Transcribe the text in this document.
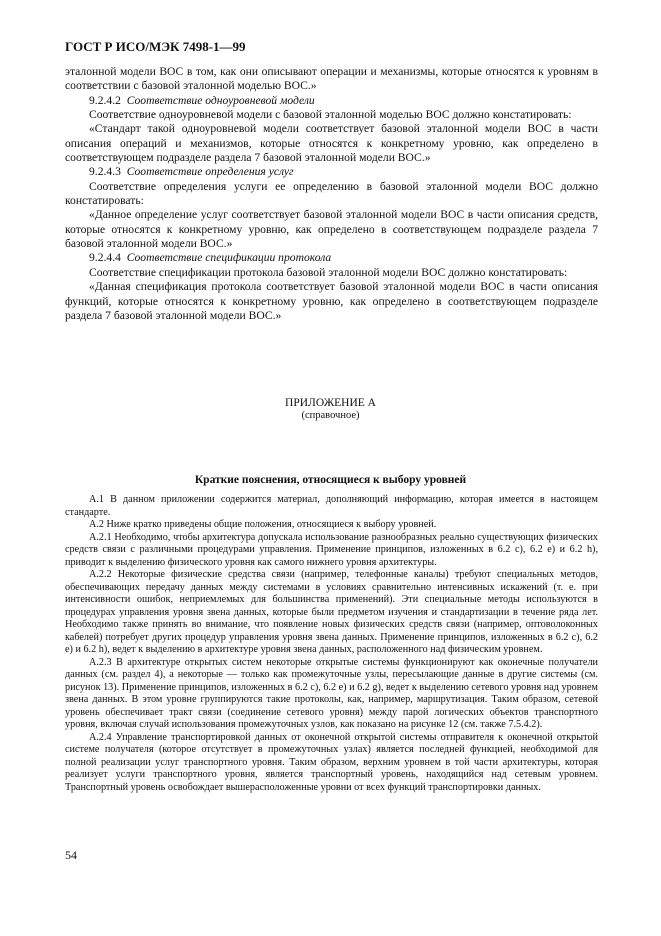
ГОСТ Р ИСО/МЭК 7498-1—99

эталонной модели ВОС в том, как они описывают операции и механизмы, которые относятся к уровням в соответствии с базовой эталонной моделью ВОС.»

9.2.4.2 Соответствие одноуровневой модели

Соответствие одноуровневой модели с базовой эталонной моделью ВОС должно констатировать:

«Стандарт такой одноуровневой модели соответствует базовой эталонной модели ВОС в части описания операций и механизмов, которые относятся к конкретному уровню, как определено в соответствующем подразделе раздела 7 базовой эталонной модели ВОС.»

9.2.4.3 Соответствие определения услуг

Соответствие определения услуги ее определению в базовой эталонной модели ВОС должно констатировать:

«Данное определение услуг соответствует базовой эталонной модели ВОС в части описания средств, которые относятся к конкретному уровню, как определено в соответствующем подразделе раздела 7 базовой эталонной модели ВОС.»

9.2.4.4 Соответствие спецификации протокола

Соответствие спецификации протокола базовой эталонной модели ВОС должно констатировать:

«Данная спецификация протокола соответствует базовой эталонной модели ВОС в части описания функций, которые относятся к конкретному уровню, как определено в соответствующем подразделе раздела 7 базовой эталонной модели ВОС.»

ПРИЛОЖЕНИЕ А
(справочное)
Краткие пояснения, относящиеся к выбору уровней

А.1 В данном приложении содержится материал, дополняющий информацию, которая имеется в настоящем стандарте.

А.2 Ниже кратко приведены общие положения, относящиеся к выбору уровней.

А.2.1 Необходимо, чтобы архитектура допускала использование разнообразных реально существующих физических средств связи с различными процедурами управления. Применение принципов, изложенных в 6.2 с), 6.2 е) и 6.2 h), приводит к выделению физического уровня как самого нижнего уровня архитектуры.

А.2.2 Некоторые физические средства связи (например, телефонные каналы) требуют специальных методов, обеспечивающих передачу данных между системами в условиях сравнительно интенсивных искажений (т. е. при интенсивности ошибок, неприемлемых для большинства применений). Эти специальные методы используются в процедурах управления уровня звена данных, которые были предметом изучения и стандартизации в течение ряда лет. Необходимо также принять во внимание, что появление новых физических средств связи (например, оптоволоконных кабелей) потребует других процедур управления уровня звена данных. Применение принципов, изложенных в 6.2 с), 6.2 е) и 6.2 h), ведет к выделению в архитектуре уровня звена данных, расположенного над физическим уровнем.

А.2.3 В архитектуре открытых систем некоторые открытые системы функционируют как оконечные получатели данных (см. раздел 4), а некоторые — только как промежуточные узлы, пересылающие данные в другие системы (см. рисунок 13). Применение принципов, изложенных в 6.2 с), 6.2 е) и 6.2 g), ведет к выделению сетевого уровня над уровнем звена данных. В этом уровне группируются такие протоколы, как, например, маршрутизация. Таким образом, сетевой уровень обеспечивает тракт связи (соединение сетевого уровня) между парой логических объектов транспортного уровня, включая случай использования промежуточных узлов, как показано на рисунке 12 (см. также 7.5.4.2).

А.2.4 Управление транспортировкой данных от оконечной открытой системы отправителя к оконечной открытой системе получателя (которое отсутствует в промежуточных узлах) является последней функцией, необходимой для полной реализации услуг транспортного уровня. Таким образом, верхним уровнем в той части архитектуры, которая реализует услуги транспортного уровня, является транспортный уровень, находящийся над сетевым уровнем. Транспортный уровень освобождает вышерасположенные уровни от всех функций транспортировки данных.

54
